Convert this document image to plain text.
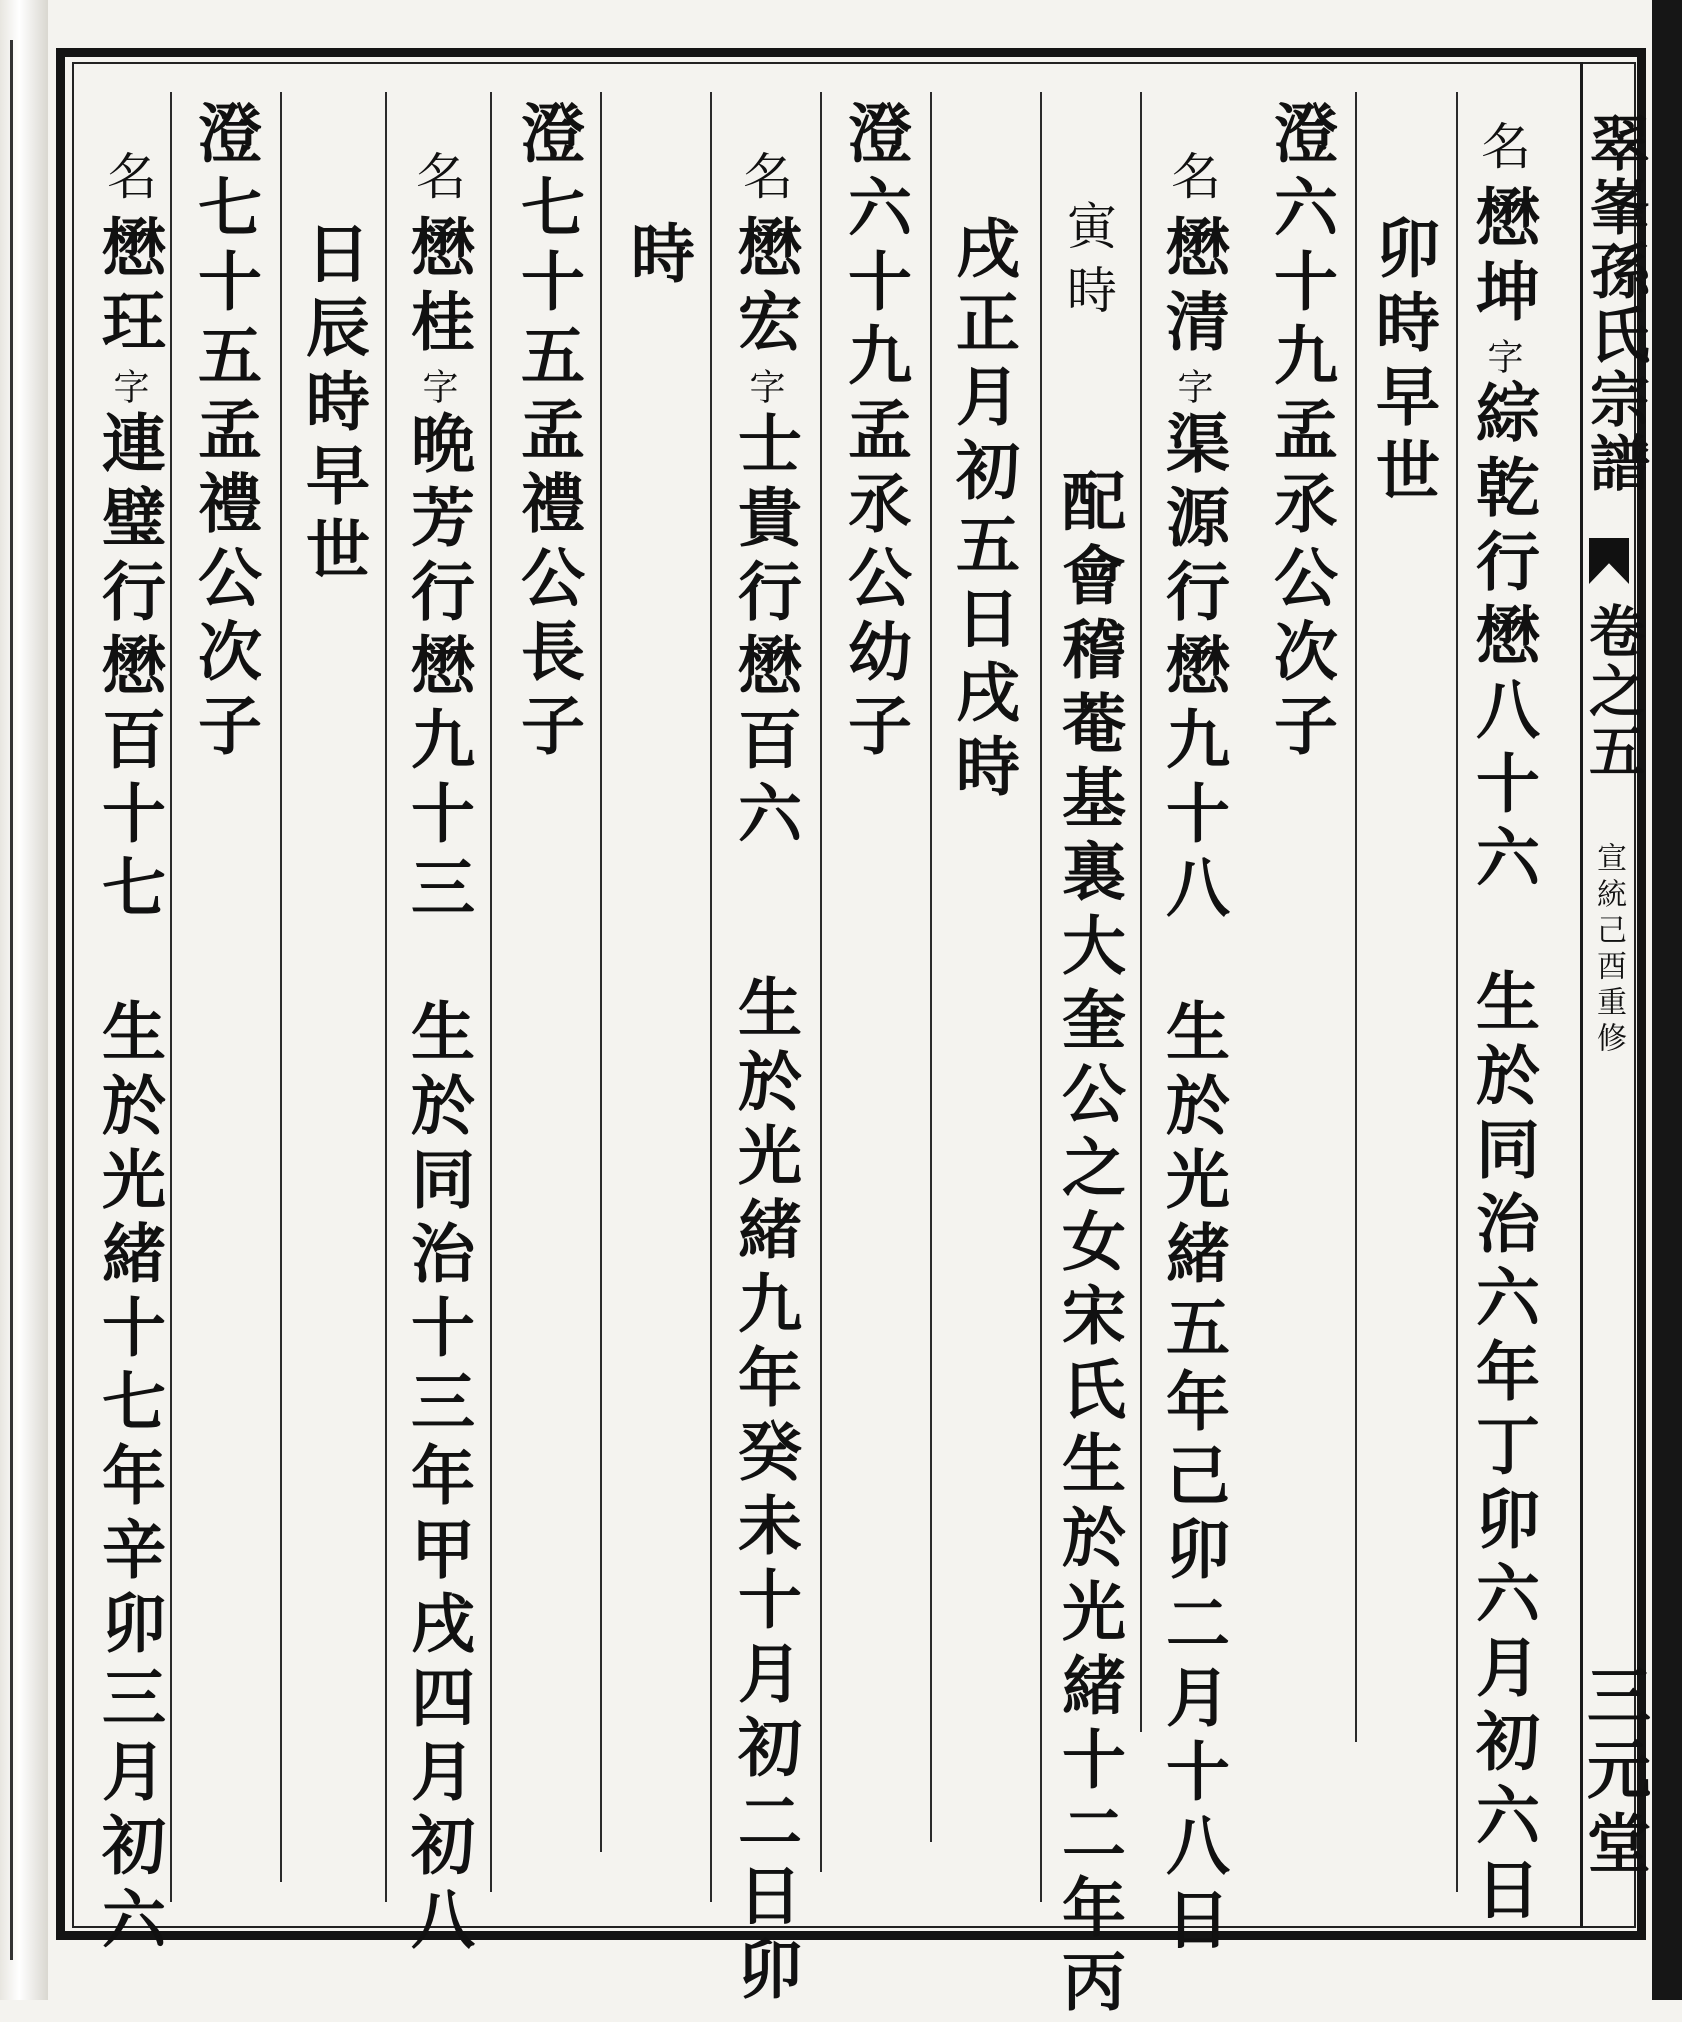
翠峯孫氏宗譜
卷之五
宣統己酉重修
三元堂
名懋坤字綜乾行懋八十六生於同治六年丁卯六月初六日
卯時早世
澄六十九孟氶公次子
名懋清字渠源行懋九十八生於光緒五年己卯二月十八日
寅時配會稽菴基裏大奎公之女宋氏生於光緒十二年丙
戌正月初五日戌時
澄六十九孟氶公幼子
名懋宏字士貴行懋百六生於光緒九年癸未十月初二日卯
時
澄七十五孟禮公長子
名懋桂字晩芳行懋九十三生於同治十三年甲戌四月初八
日辰時早世
澄七十五孟禮公次子
名懋玨字連璧行懋百十七生於光緒十七年辛卯三月初六
